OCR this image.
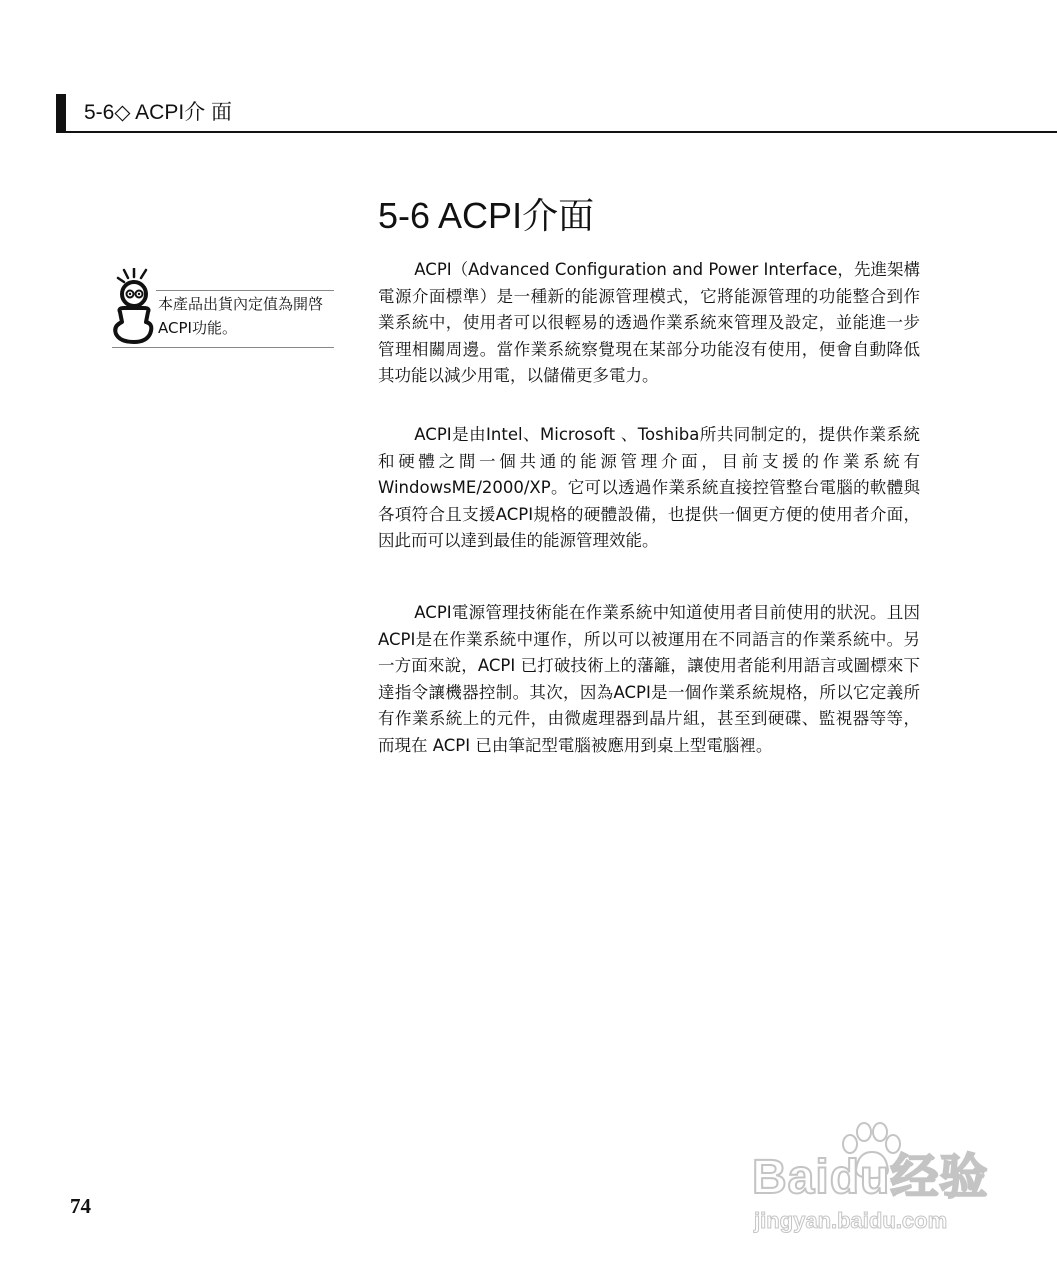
5-6◇ ACPI介 面
5-6 ACPI介面
本產品出貨內定值為開啓ACPI功能。

ACPI（Advanced Configuration and Power Interface，先進架構電源介面標準）是一種新的能源管理模式，它將能源管理的功能整合到作業系統中，使用者可以很輕易的透過作業系統來管理及設定，並能進一步管理相關周邊。當作業系統察覺現在某部分功能沒有使用，便會自動降低其功能以減少用電，以儲備更多電力。

ACPI是由Intel、Microsoft 、Toshiba所共同制定的，提供作業系統和硬體之間一個共通的能源管理介面，目前支援的作業系統有WindowsME/2000/XP。它可以透過作業系統直接控管整台電腦的軟體與各項符合且支援ACPI規格的硬體設備，也提供一個更方便的使用者介面，因此而可以達到最佳的能源管理效能。

ACPI電源管理技術能在作業系統中知道使用者目前使用的狀況。且因ACPI是在作業系統中運作，所以可以被運用在不同語言的作業系統中。另一方面來說，ACPI 已打破技術上的藩籬，讓使用者能利用語言或圖標來下達指令讓機器控制。其次，因為ACPI是一個作業系統規格，所以它定義所有作業系統上的元件，由微處理器到晶片組，甚至到硬碟、監視器等等，而現在 ACPI 已由筆記型電腦被應用到桌上型電腦裡。

74
Baidu经验
jingyan.baidu.com
